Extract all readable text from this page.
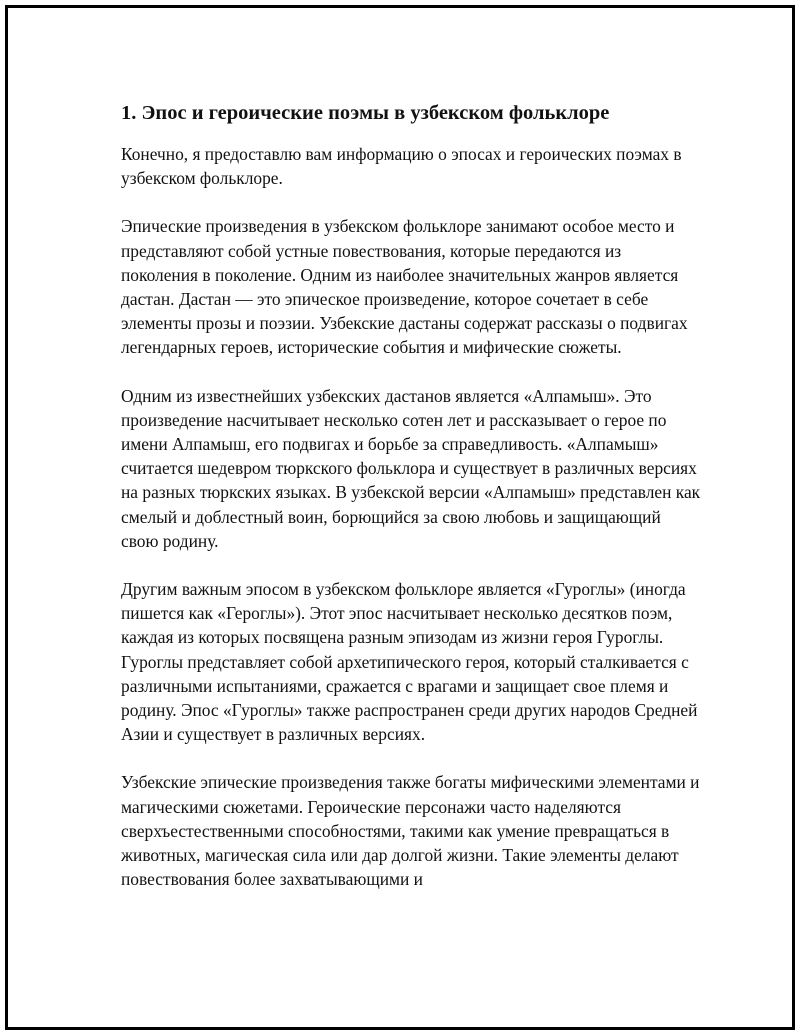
1. Эпос и героические поэмы в узбекском фольклоре

Конечно, я предоставлю вам информацию о эпосах и героических поэмах в узбекском фольклоре.

Эпические произведения в узбекском фольклоре занимают особое место и представляют собой устные повествования, которые передаются из поколения в поколение. Одним из наиболее значительных жанров является дастан. Дастан — это эпическое произведение, которое сочетает в себе элементы прозы и поэзии. Узбекские дастаны содержат рассказы о подвигах легендарных героев, исторические события и мифические сюжеты.

Одним из известнейших узбекских дастанов является «Алпамыш». Это произведение насчитывает несколько сотен лет и рассказывает о герое по имени Алпамыш, его подвигах и борьбе за справедливость. «Алпамыш» считается шедевром тюркского фольклора и существует в различных версиях на разных тюркских языках. В узбекской версии «Алпамыш» представлен как смелый и доблестный воин, борющийся за свою любовь и защищающий свою родину.

Другим важным эпосом в узбекском фольклоре является «Гуроглы» (иногда пишется как «Героглы»). Этот эпос насчитывает несколько десятков поэм, каждая из которых посвящена разным эпизодам из жизни героя Гуроглы. Гуроглы представляет собой архетипического героя, который сталкивается с различными испытаниями, сражается с врагами и защищает свое племя и родину. Эпос «Гуроглы» также распространен среди других народов Средней Азии и существует в различных версиях.

Узбекские эпические произведения также богаты мифическими элементами и магическими сюжетами. Героические персонажи часто наделяются сверхъестественными способностями, такими как умение превращаться в животных, магическая сила или дар долгой жизни. Такие элементы делают повествования более захватывающими и
